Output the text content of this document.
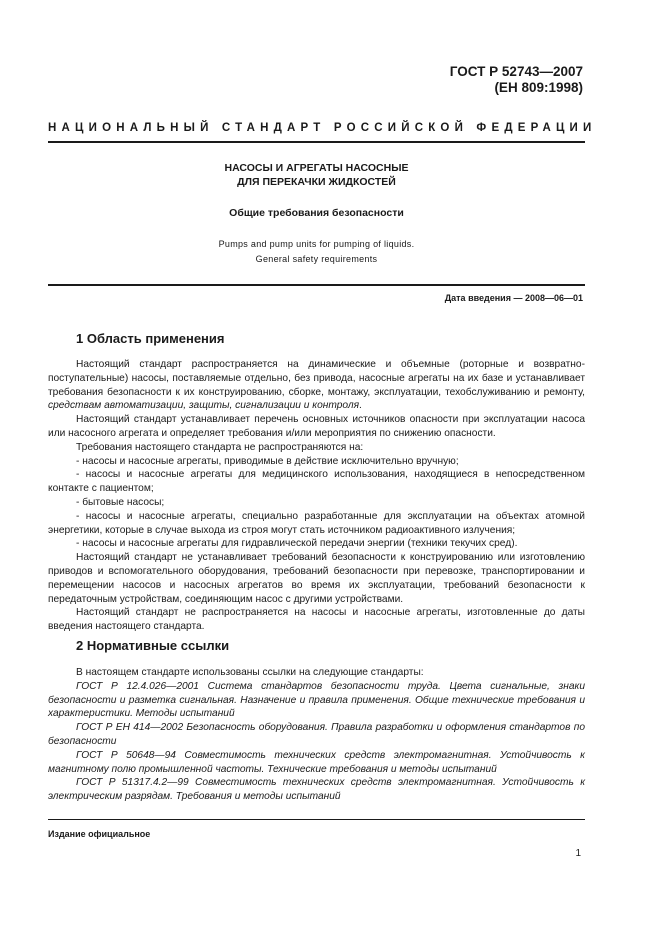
ГОСТ Р 52743—2007
(ЕН 809:1998)
НАЦИОНАЛЬНЫЙ СТАНДАРТ РОССИЙСКОЙ ФЕДЕРАЦИИ
НАСОСЫ И АГРЕГАТЫ НАСОСНЫЕ
ДЛЯ ПЕРЕКАЧКИ ЖИДКОСТЕЙ
Общие требования безопасности
Pumps and pump units for pumping of liquids.
General safety requirements
Дата введения — 2008—06—01
1 Область применения

Настоящий стандарт распространяется на динамические и объемные (роторные и возвратно-поступательные) насосы, поставляемые отдельно, без привода, насосные агрегаты на их базе и устанавливает требования безопасности к их конструированию, сборке, монтажу, эксплуатации, техобслуживанию и ремонту, средствам автоматизации, защиты, сигнализации и контроля.

Настоящий стандарт устанавливает перечень основных источников опасности при эксплуатации насоса или насосного агрегата и определяет требования и/или мероприятия по снижению опасности.

Требования настоящего стандарта не распространяются на:

- насосы и насосные агрегаты, приводимые в действие исключительно вручную;

- насосы и насосные агрегаты для медицинского использования, находящиеся в непосредственном контакте с пациентом;

- бытовые насосы;

- насосы и насосные агрегаты, специально разработанные для эксплуатации на объектах атомной энергетики, которые в случае выхода из строя могут стать источником радиоактивного излучения;

- насосы и насосные агрегаты для гидравлической передачи энергии (техники текучих сред).

Настоящий стандарт не устанавливает требований безопасности к конструированию или изготовлению приводов и вспомогательного оборудования, требований безопасности при перевозке, транспортировании и перемещении насосов и насосных агрегатов во время их эксплуатации, требований безопасности к передаточным устройствам, соединяющим насос с другими устройствами.

Настоящий стандарт не распространяется на насосы и насосные агрегаты, изготовленные до даты введения настоящего стандарта.

2 Нормативные ссылки

В настоящем стандарте использованы ссылки на следующие стандарты:

ГОСТ Р 12.4.026—2001 Система стандартов безопасности труда. Цвета сигнальные, знаки безопасности и разметка сигнальная. Назначение и правила применения. Общие технические требования и характеристики. Методы испытаний

ГОСТ Р ЕН 414—2002 Безопасность оборудования. Правила разработки и оформления стандартов по безопасности

ГОСТ Р 50648—94 Совместимость технических средств электромагнитная. Устойчивость к магнитному полю промышленной частоты. Технические требования и методы испытаний

ГОСТ Р 51317.4.2—99 Совместимость технических средств электромагнитная. Устойчивость к электрическим разрядам. Требования и методы испытаний

Издание официальное
1
